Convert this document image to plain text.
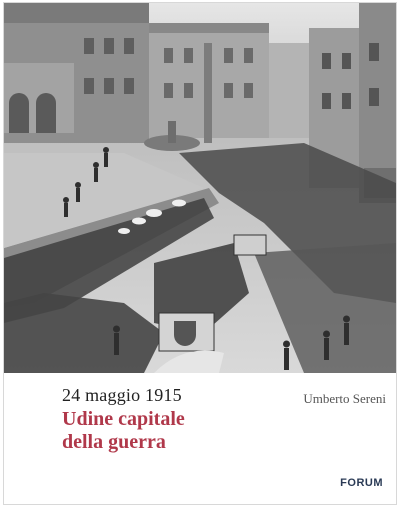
24 maggio 1915
Udine capitale
della guerra
Umberto Sereni
FORUM
